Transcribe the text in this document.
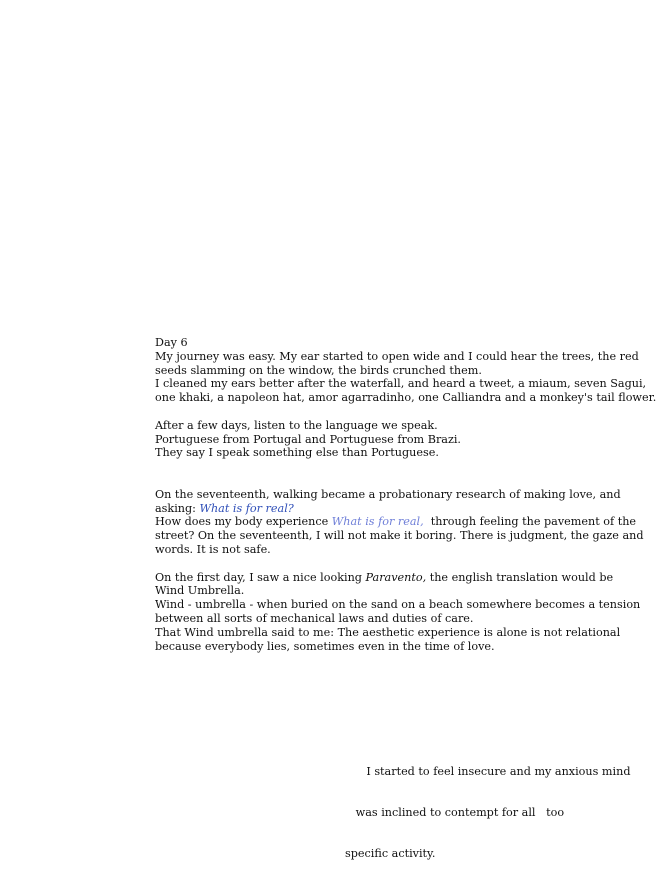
Day 6
My journey was easy. My ear started to open wide and I could hear the trees, the red
seeds slamming on the window, the birds crunched them.
I cleaned my ears better after the waterfall, and heard a tweet, a miaum, seven Sagui,
one khaki, a napoleon hat, amor agarradinho, one Calliandra and a monkey's tail flower.
After a few days, listen to the language we speak.
Portuguese from Portugal and Portuguese from Brazi.
They say I speak something else than Portuguese.
On the seventeenth, walking became a probationary research of making love, and
asking: What is for real?
How does my body experience What is for real,  through feeling the pavement of the
street? On the seventeenth, I will not make it boring. There is judgment, the gaze and
words. It is not safe.
On the first day, I saw a nice looking Paravento, the english translation would be
Wind Umbrella.
Wind - umbrella - when buried on the sand on a beach somewhere becomes a tension
between all sorts of mechanical laws and duties of care.
That Wind umbrella said to me: The aesthetic experience is alone is not relational
because everybody lies, sometimes even in the time of love.

I started to feel insecure and my anxious mind

was inclined to contempt for all   too

specific activity.
